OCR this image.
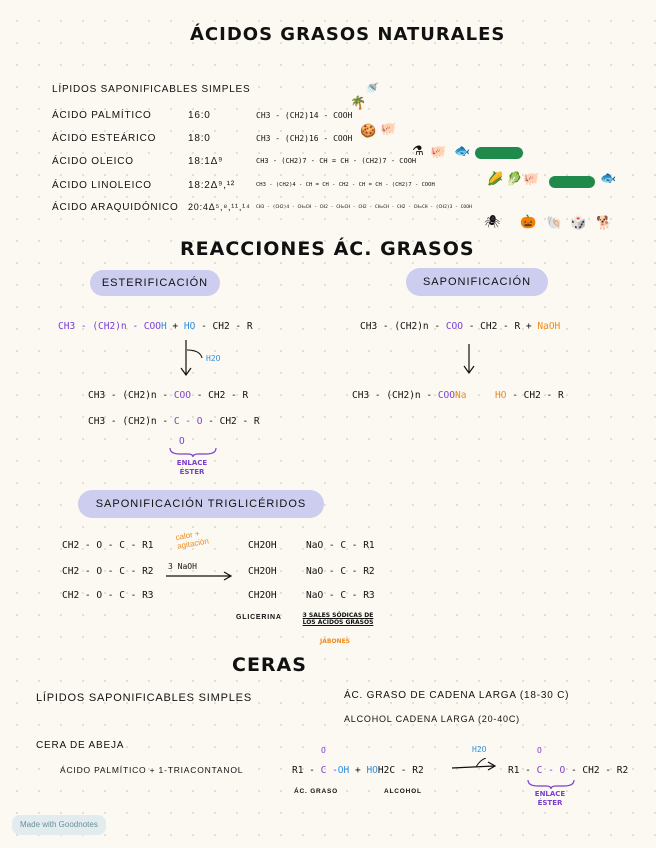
ÁCIDOS GRASOS NATURALES
LÍPIDOS SAPONIFICABLES SIMPLES
ÁCIDO PALMÍTICO	16:0	CH3 - (CH2)14 - COOH
ÁCIDO ESTEÁRICO	18:0	CH3 - (CH2)16 - COOH
ÁCIDO OLEICO	18:1Δ⁹	CH3 - (CH2)7 - CH = CH - (CH2)7 - COOH
ÁCIDO LINOLEICO	18:2Δ⁹,¹²	CH3 - (CH2)4 - CH = CH - CH2 - CH = CH - (CH2)7 - COOH
ÁCIDO ARAQUIDÓNICO 20:4Δ⁵,⁸,¹¹,¹⁴ CH3 - (CH2)4 - CH=CH - CH2 - CH=CH - CH2 - CH=CH - CH2 - CH=CH - (CH2)3 - COOH
🌴
🚿
🍪 🐖
⚗ 🐖 🐟
🌽 🥬 🐖	🐟
🕷 🎃 🐚 🎲 🐕
REACCIONES ÁC. GRASOS
ESTERIFICACIÓN	SAPONIFICACIÓN
CH3 - (CH2)n - COOH + HO - CH2 - R
H2O
CH3 - (CH2)n - COO - CH2 - R
CH3 - (CH2)n - C - O - CH2 - R
O
ENLACE ÉSTER
CH3 - (CH2)n - COO - CH2 - R + NaOH
CH3 - (CH2)n - COONa	HO - CH2 - R
SAPONIFICACIÓN TRIGLICÉRIDOS
CH2 - O - C - R1
CH2 - O - C - R2
CH2 - O - C - R3
calor + agitación
3 NaOH
CH2OH
CH2OH
CH2OH
NaO - C - R1
NaO - C - R2
NaO - C - R3
GLICERINA	3 SALES SÓDICAS DE LOS ÁCIDOS GRASOS
JABONES
CERAS
LÍPIDOS SAPONIFICABLES SIMPLES	ÁC. GRASO DE CADENA LARGA (18-30 C)
ALCOHOL CADENA LARGA (20-40C)
CERA DE ABEJA
ÁCIDO PALMÍTICO + 1-TRIACONTANOL
O
R1 - C -OH + HOH2C - R2
H2O	O
R1 - C - O - CH2 - R2
ÁC. GRASO	ALCOHOL	ENLACE ÉSTER
Made with Goodnotes
